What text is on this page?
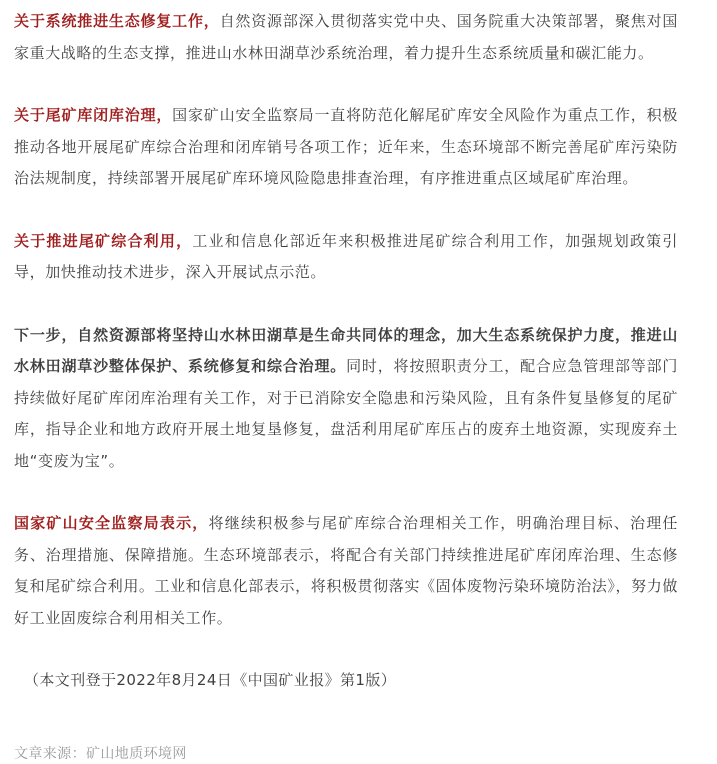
关于系统推进生态修复工作，自然资源部深入贯彻落实党中央、国务院重大决策部署，聚焦对国家重大战略的生态支撑，推进山水林田湖草沙系统治理，着力提升生态系统质量和碳汇能力。

关于尾矿库闭库治理，国家矿山安全监察局一直将防范化解尾矿库安全风险作为重点工作，积极推动各地开展尾矿库综合治理和闭库销号各项工作；近年来，生态环境部不断完善尾矿库污染防治法规制度，持续部署开展尾矿库环境风险隐患排查治理，有序推进重点区域尾矿库治理。

关于推进尾矿综合利用，工业和信息化部近年来积极推进尾矿综合利用工作，加强规划政策引导，加快推动技术进步，深入开展试点示范。

下一步，自然资源部将坚持山水林田湖草是生命共同体的理念，加大生态系统保护力度，推进山水林田湖草沙整体保护、系统修复和综合治理。同时，将按照职责分工，配合应急管理部等部门持续做好尾矿库闭库治理有关工作，对于已消除安全隐患和污染风险，且有条件复垦修复的尾矿库，指导企业和地方政府开展土地复垦修复，盘活利用尾矿库压占的废弃土地资源，实现废弃土地“变废为宝”。

国家矿山安全监察局表示，将继续积极参与尾矿库综合治理相关工作，明确治理目标、治理任务、治理措施、保障措施。生态环境部表示，将配合有关部门持续推进尾矿库闭库治理、生态修复和尾矿综合利用。工业和信息化部表示，将积极贯彻落实《固体废物污染环境防治法》，努力做好工业固废综合利用相关工作。

（本文刊登于2022年8月24日《中国矿业报》第1版）

文章来源：矿山地质环境网
